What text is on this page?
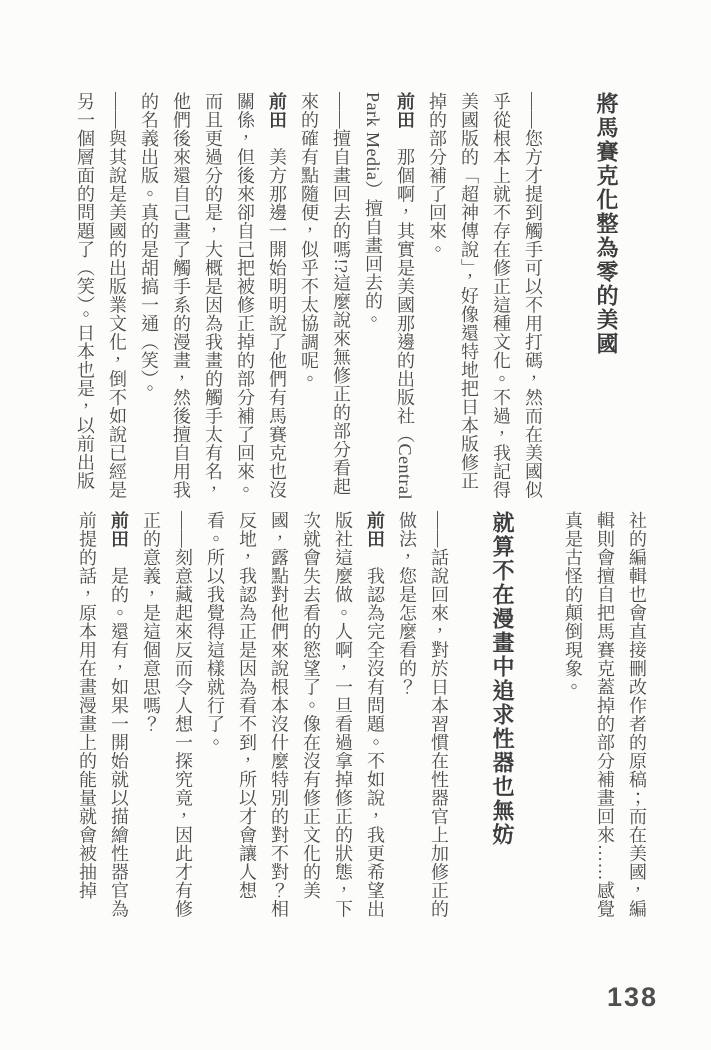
將馬賽克化整為零的美國

——您方才提到觸手可以不用打碼，然而在美國似乎從根本上就不存在修正這種文化。不過，我記得美國版的「超神傳說」，好像還特地把日本版修正掉的部分補了回來。

前田　那個啊，其實是美國那邊的出版社（Central Park Media）擅自畫回去的。

——擅自畫回去的嗎!?這麼說來無修正的部分看起來的確有點隨便，似乎不太協調呢。

前田　美方那邊一開始明明說了他們有馬賽克也沒關係，但後來卻自己把被修正掉的部分補了回來。而且更過分的是，大概是因為我畫的觸手太有名，他們後來還自己畫了觸手系的漫畫，然後擅自用我的名義出版。真的是胡搞一通（笑）。

——與其說是美國的出版業文化，倒不如說已經是另一個層面的問題了（笑）。日本也是，以前出版

社的編輯也會直接刪改作者的原稿；而在美國，編輯則會擅自把馬賽克蓋掉的部分補畫回來……感覺真是古怪的顛倒現象。

就算不在漫畫中追求性器也無妨

——話說回來，對於日本習慣在性器官上加修正的做法，您是怎麼看的？

前田　我認為完全沒有問題。不如說，我更希望出版社這麼做。人啊，一旦看過拿掉修正的狀態，下次就會失去看的慾望了。像在沒有修正文化的美國，露點對他們來說根本沒什麼特別的對不對？相反地，我認為正是因為看不到，所以才會讓人想看。所以我覺得這樣就行了。

——刻意藏起來反而令人想一探究竟，因此才有修正的意義，是這個意思嗎？

前田　是的。還有，如果一開始就以描繪性器官為前提的話，原本用在畫漫畫上的能量就會被抽掉

138
